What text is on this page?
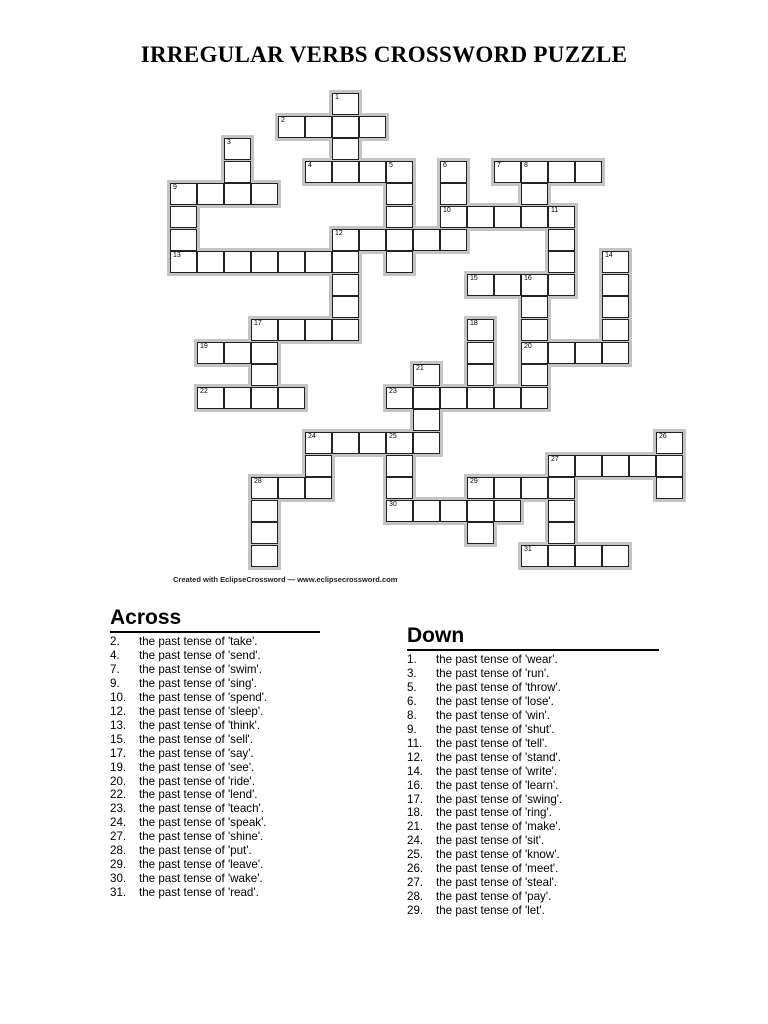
IRREGULAR VERBS CROSSWORD PUZZLE
2
4	5	7	8
9
10	11
12
13
15	16
17
19	20
22	23
24	25
27
28	29
30
31
1
3
6
14
18
21
26
Created with EclipseCrossword — www.eclipsecrossword.com
Across
2. the past tense of 'take'.
4. the past tense of 'send'.
7. the past tense of 'swim'.
9. the past tense of 'sing'.
10. the past tense of 'spend'.
12. the past tense of 'sleep'.
13. the past tense of 'think'.
15. the past tense of 'sell'.
17. the past tense of 'say'.
19. the past tense of 'see'.
20. the past tense of 'ride'.
22. the past tense of 'lend'.
23. the past tense of 'teach'.
24. the past tense of 'speak'.
27. the past tense of 'shine'.
28. the past tense of 'put'.
29. the past tense of 'leave'.
30. the past tense of 'wake'.
31. the past tense of 'read'.
Down
1. the past tense of 'wear'.
3. the past tense of 'run'.
5. the past tense of 'throw'.
6. the past tense of 'lose'.
8. the past tense of 'win'.
9. the past tense of 'shut'.
11. the past tense of 'tell'.
12. the past tense of 'stand'.
14. the past tense of 'write'.
16. the past tense of 'learn'.
17. the past tense of 'swing'.
18. the past tense of 'ring'.
21. the past tense of 'make'.
24. the past tense of 'sit'.
25. the past tense of 'know'.
26. the past tense of 'meet'.
27. the past tense of 'steal'.
28. the past tense of 'pay'.
29. the past tense of 'let'.
